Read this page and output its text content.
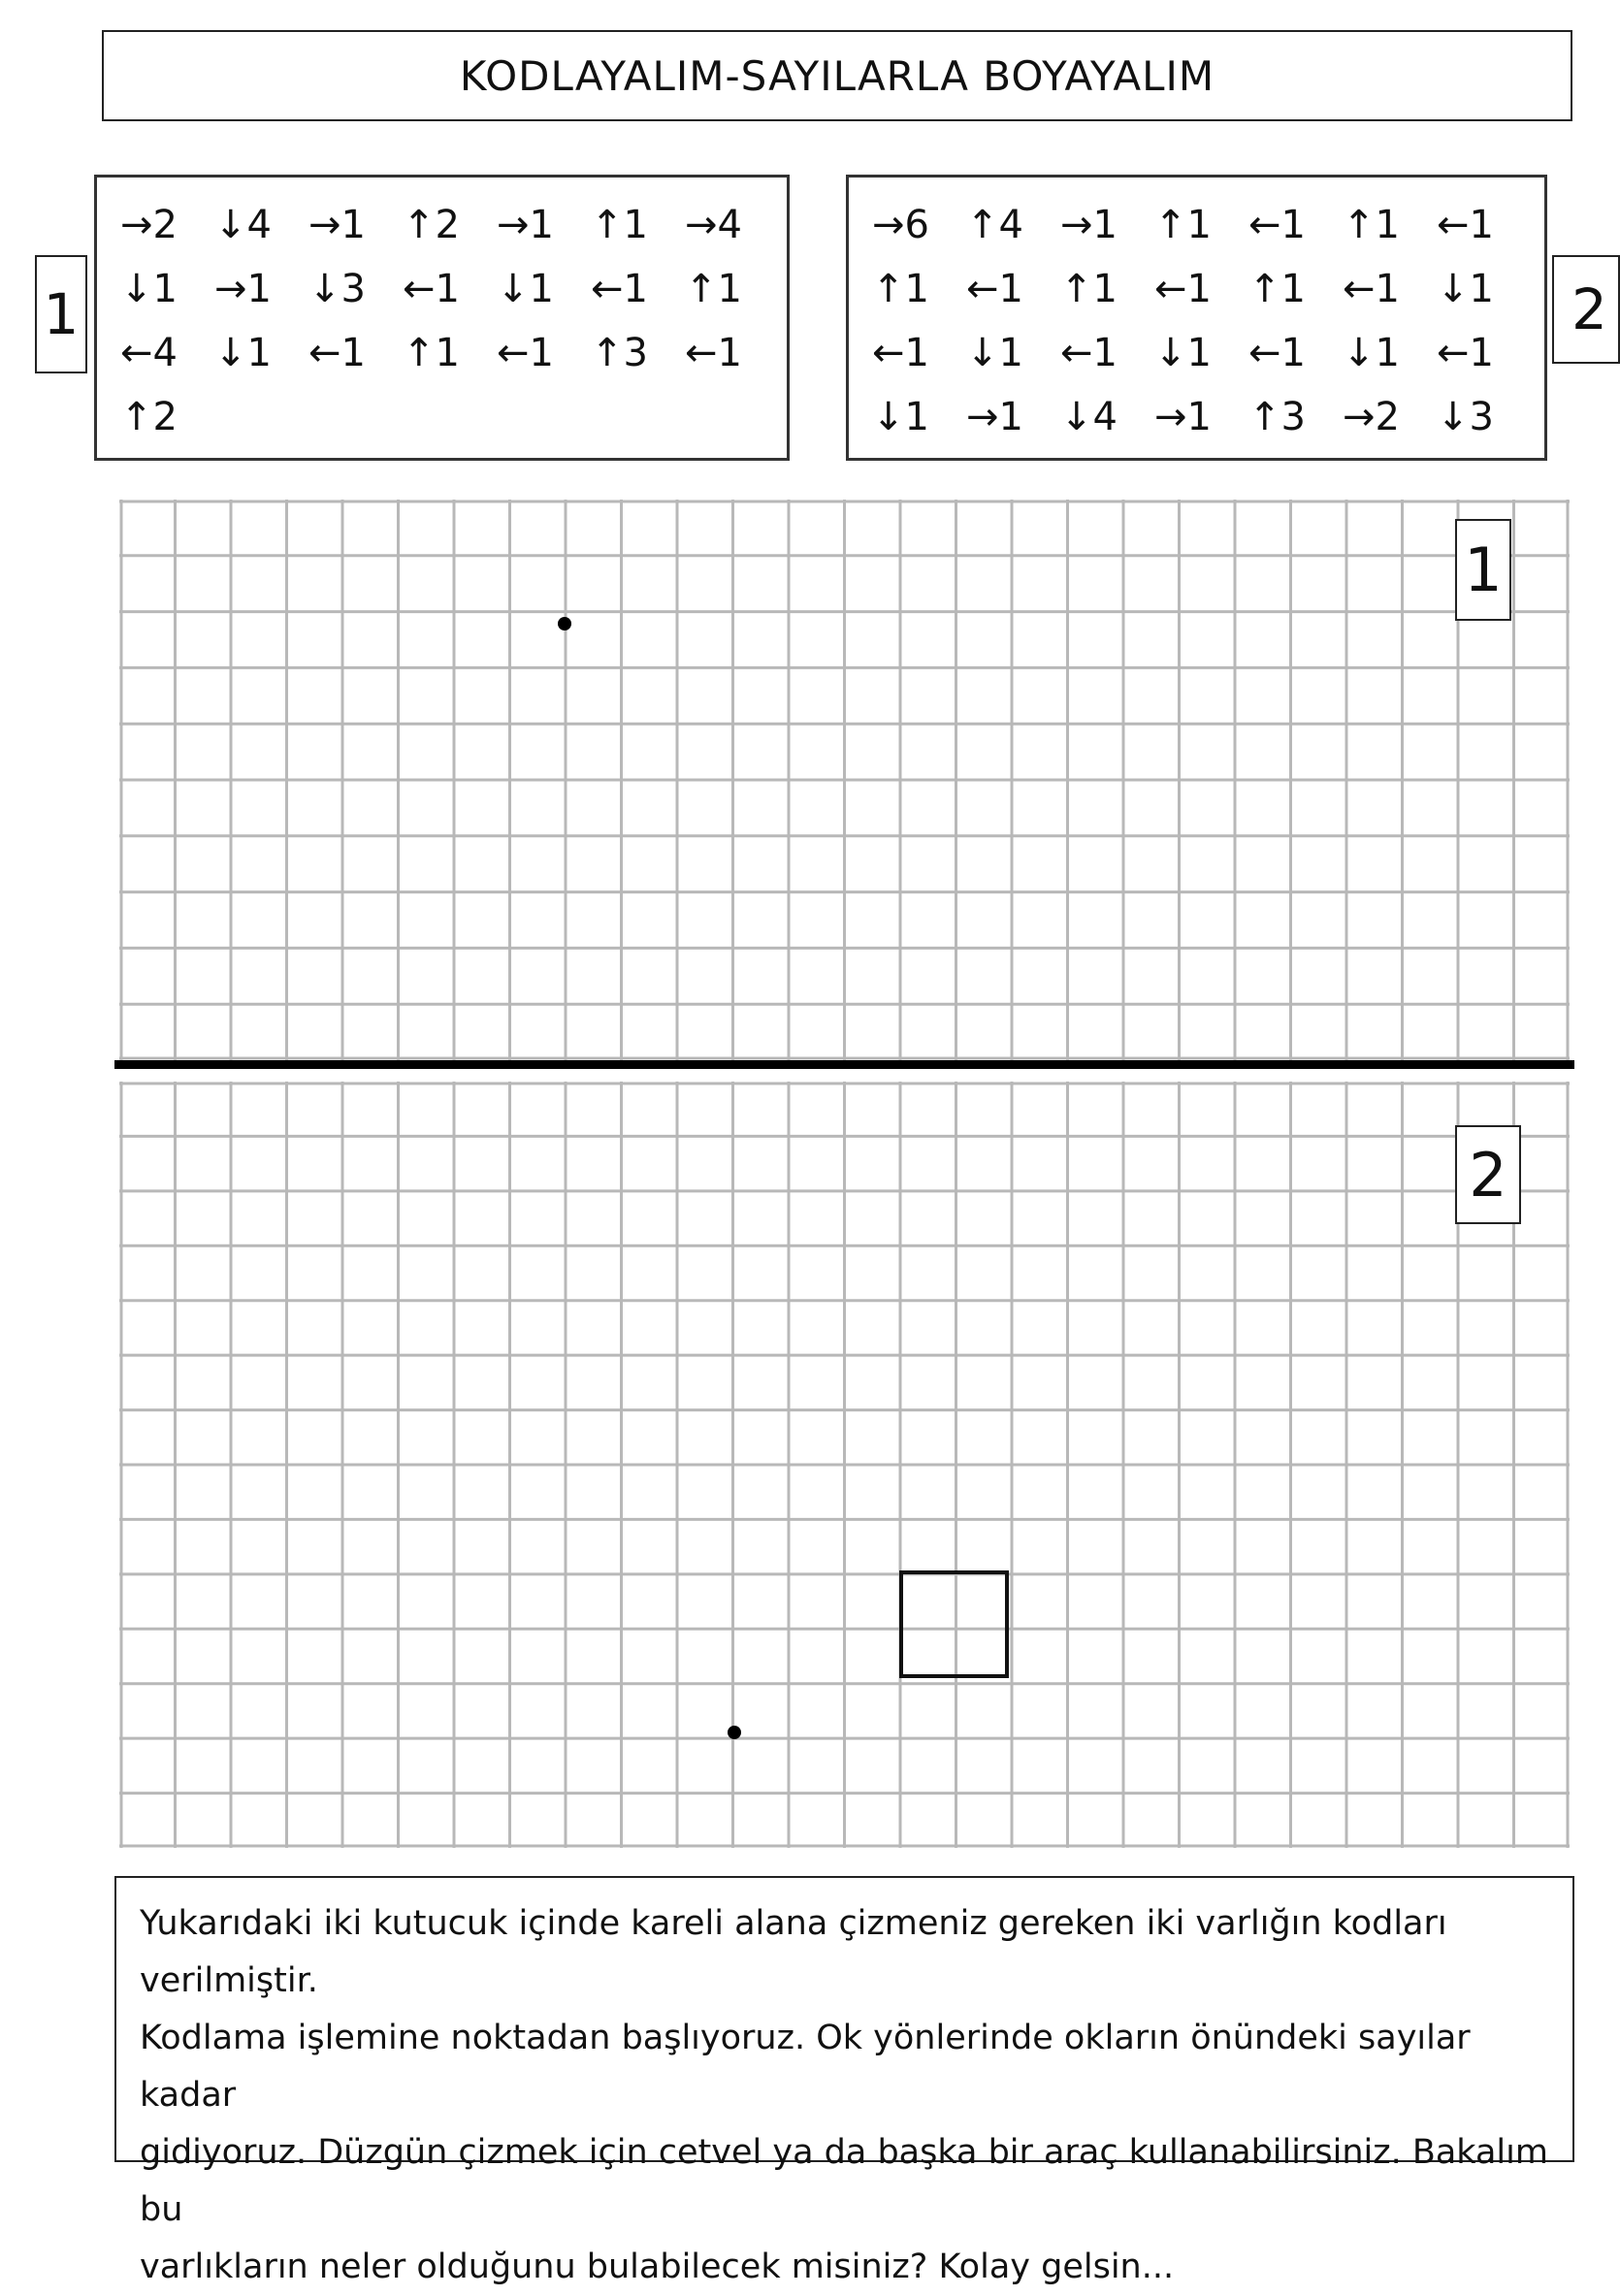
KODLAYALIM-SAYILARLA BOYAYALIM
→2 ↓4 →1 ↑2 →1 ↑1 →4
↓1 →1 ↓3 ←1 ↓1 ←1 ↑1
←4 ↓1 ←1 ↑1 ←1 ↑3 ←1
↑2
1
→6 ↑4 →1 ↑1 ←1 ↑1 ←1
↑1 ←1 ↑1 ←1 ↑1 ←1 ↓1
←1 ↓1 ←1 ↓1 ←1 ↓1 ←1
↓1 →1 ↓4 →1 ↑3 →2 ↓3
2
1
2

Yukarıdaki iki kutucuk içinde kareli alana çizmeniz gereken iki varlığın kodları verilmiştir.

Kodlama işlemine noktadan başlıyoruz. Ok yönlerinde okların önündeki sayılar kadar

gidiyoruz. Düzgün çizmek için cetvel ya da başka bir araç kullanabilirsiniz. Bakalım bu

varlıkların neler olduğunu bulabilecek misiniz? Kolay gelsin...
